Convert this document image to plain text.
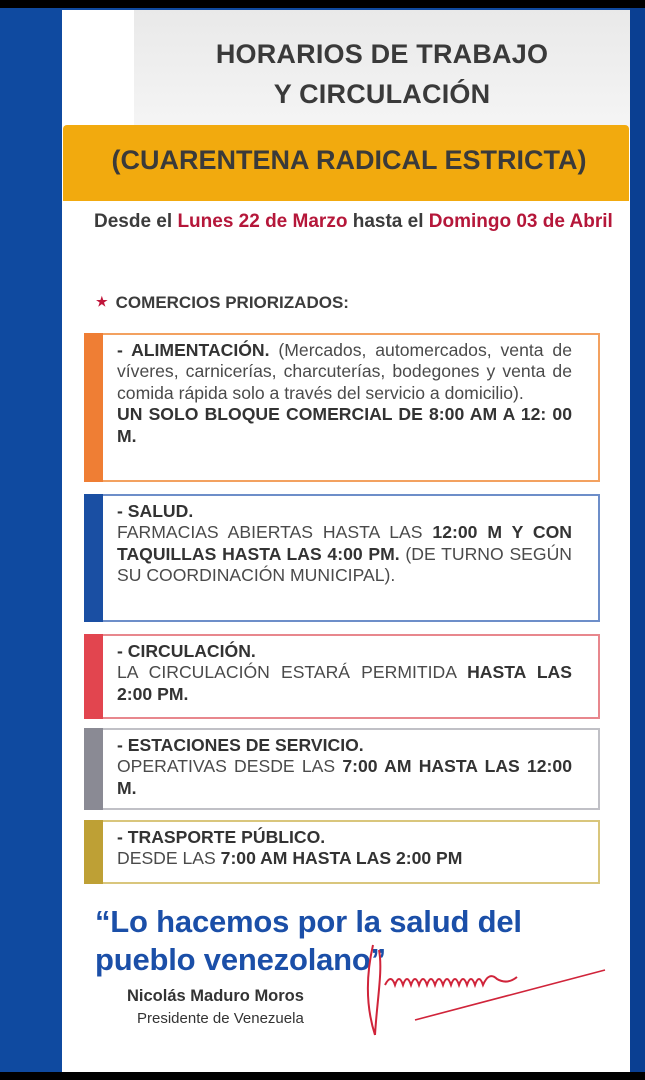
HORARIOS DE TRABAJO
Y CIRCULACIÓN
(CUARENTENA RADICAL ESTRICTA)
Desde el Lunes 22 de Marzo hasta el Domingo 03 de Abril
★ COMERCIOS PRIORIZADOS:
- ALIMENTACIÓN. (Mercados, automercados, venta de víveres, carnicerías, charcuterías, bodegones y venta de comida rápida solo a través del servicio a domicilio).
UN SOLO BLOQUE COMERCIAL DE 8:00 AM A 12: 00 M.
- SALUD.
FARMACIAS ABIERTAS HASTA LAS 12:00 M Y CON TAQUILLAS HASTA LAS 4:00 PM. (DE TURNO SEGÚN SU COORDINACIÓN MUNICIPAL).
- CIRCULACIÓN.
LA CIRCULACIÓN ESTARÁ PERMITIDA HASTA LAS 2:00 PM.
- ESTACIONES DE SERVICIO.
OPERATIVAS DESDE LAS 7:00 AM HASTA LAS 12:00 M.
- TRASPORTE PÚBLICO.
DESDE LAS 7:00 AM HASTA LAS 2:00 PM
“Lo hacemos por la salud del pueblo venezolano”
Nicolás Maduro Moros
Presidente de Venezuela
